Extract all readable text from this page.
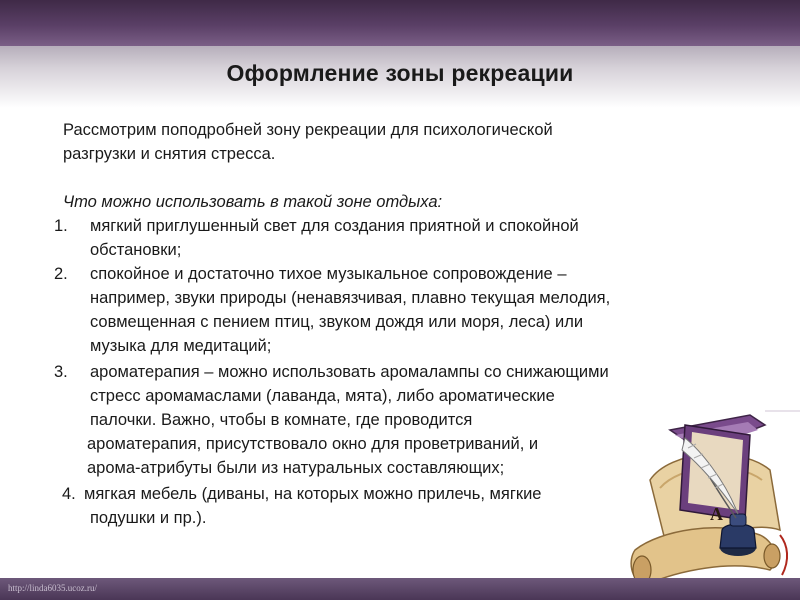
Оформление зоны рекреации
Рассмотрим поподробней зону рекреации для психологической
разгрузки и снятия стресса.
Что можно использовать в такой зоне отдыха:
1. мягкий приглушенный свет для создания приятной и спокойной
обстановки;
2. спокойное и достаточно тихое музыкальное сопровождение –
например, звуки природы (ненавязчивая, плавно текущая мелодия,
совмещенная с пением птиц, звуком дождя или моря, леса) или
музыка для медитаций;
3. ароматерапия – можно использовать аромалампы со снижающими
стресс аромамаслами (лаванда, мята), либо ароматические
палочки. Важно, чтобы в комнате, где проводится
ароматерапия, присутствовало окно для проветриваний, и
арома-атрибуты были из натуральных составляющих;
4. мягкая мебель (диваны, на которых можно прилечь, мягкие
подушки и пр.).	А
http://linda6035.ucoz.ru/
